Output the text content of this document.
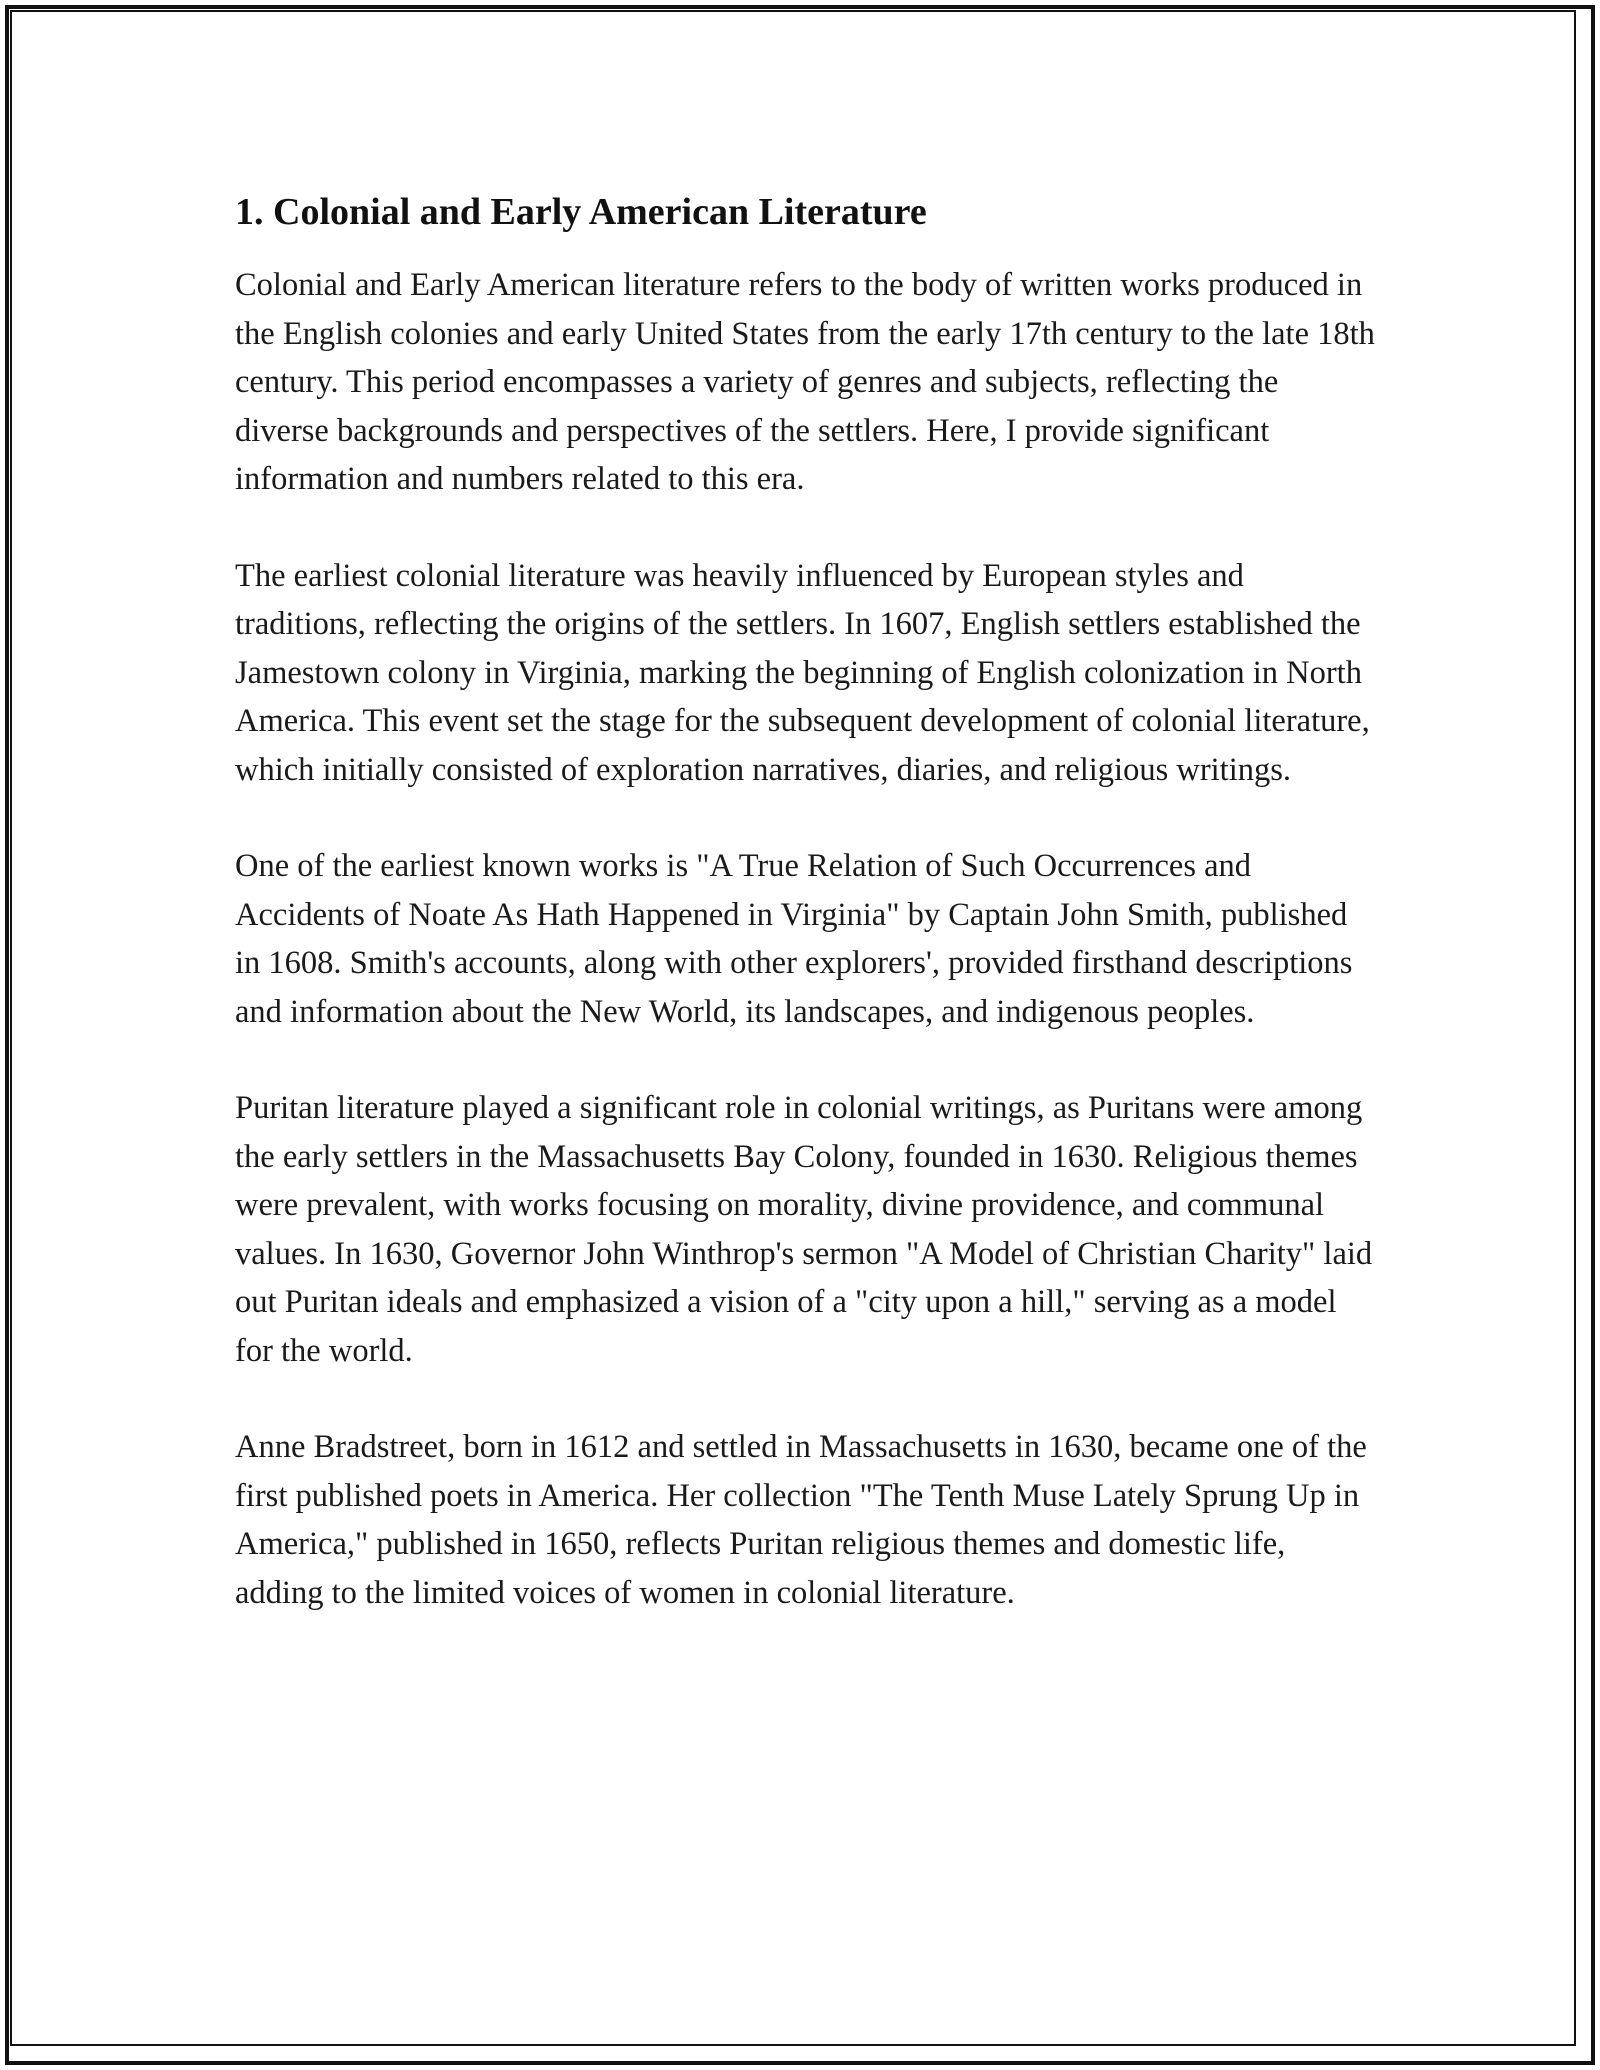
1. Colonial and Early American Literature

Colonial and Early American literature refers to the body of written works produced in the English colonies and early United States from the early 17th century to the late 18th century. This period encompasses a variety of genres and subjects, reflecting the diverse backgrounds and perspectives of the settlers. Here, I provide significant information and numbers related to this era.

The earliest colonial literature was heavily influenced by European styles and traditions, reflecting the origins of the settlers. In 1607, English settlers established the Jamestown colony in Virginia, marking the beginning of English colonization in North America. This event set the stage for the subsequent development of colonial literature, which initially consisted of exploration narratives, diaries, and religious writings.

One of the earliest known works is "A True Relation of Such Occurrences and Accidents of Noate As Hath Happened in Virginia" by Captain John Smith, published in 1608. Smith's accounts, along with other explorers', provided firsthand descriptions and information about the New World, its landscapes, and indigenous peoples.

Puritan literature played a significant role in colonial writings, as Puritans were among the early settlers in the Massachusetts Bay Colony, founded in 1630. Religious themes were prevalent, with works focusing on morality, divine providence, and communal values. In 1630, Governor John Winthrop's sermon "A Model of Christian Charity" laid out Puritan ideals and emphasized a vision of a "city upon a hill," serving as a model for the world.

Anne Bradstreet, born in 1612 and settled in Massachusetts in 1630, became one of the first published poets in America. Her collection "The Tenth Muse Lately Sprung Up in America," published in 1650, reflects Puritan religious themes and domestic life, adding to the limited voices of women in colonial literature.
